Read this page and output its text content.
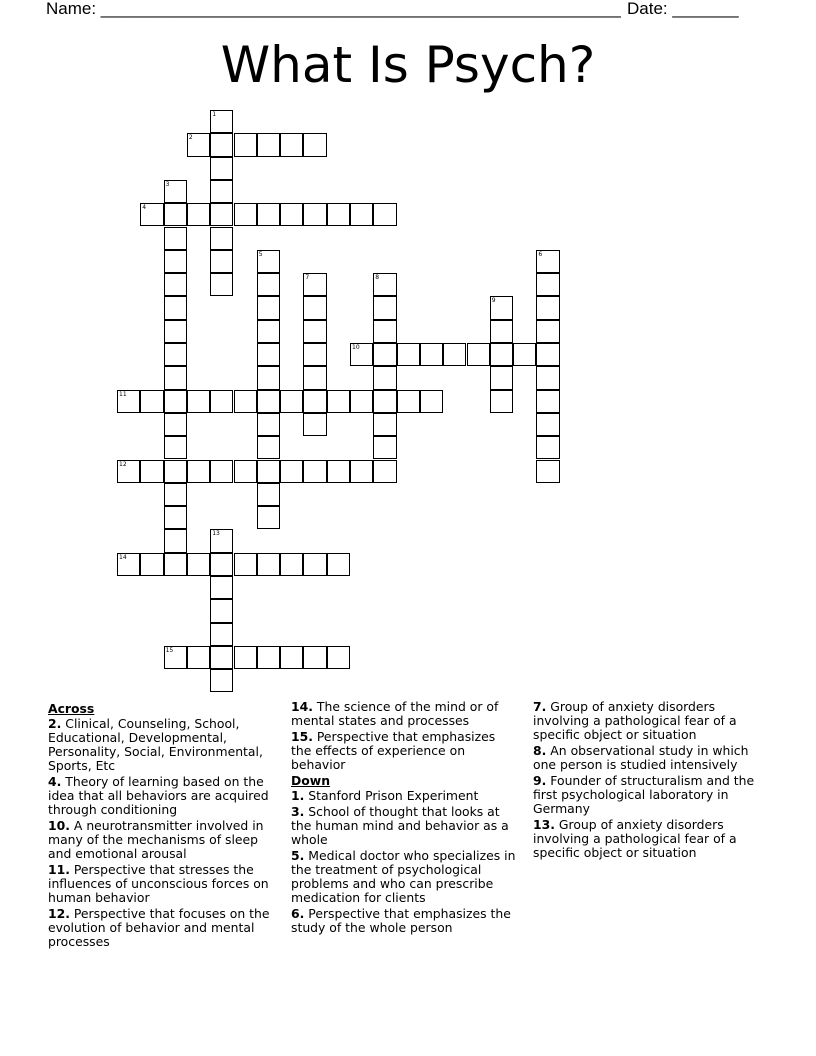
Name: _______________________________________________________ Date: _______
What Is Psych?
1
2
3
4
5	6
7	8
9
10
11
12
13
14
15
Across
2. Clinical, Counseling, School, Educational, Developmental, Personality, Social, Environmental, Sports, Etc
4. Theory of learning based on the idea that all behaviors are acquired through conditioning
10. A neurotransmitter involved in many of the mechanisms of sleep and emotional arousal
11. Perspective that stresses the influences of unconscious forces on human behavior
12. Perspective that focuses on the evolution of behavior and mental processes
14. The science of the mind or of mental states and processes
15. Perspective that emphasizes the effects of experience on behavior
Down
1. Stanford Prison Experiment
3. School of thought that looks at the human mind and behavior as a whole
5. Medical doctor who specializes in the treatment of psychological problems and who can prescribe medication for clients
6. Perspective that emphasizes the study of the whole person
7. Group of anxiety disorders involving a pathological fear of a specific object or situation
8. An observational study in which one person is studied intensively
9. Founder of structuralism and the first psychological laboratory in Germany
13. Group of anxiety disorders involving a pathological fear of a specific object or situation
